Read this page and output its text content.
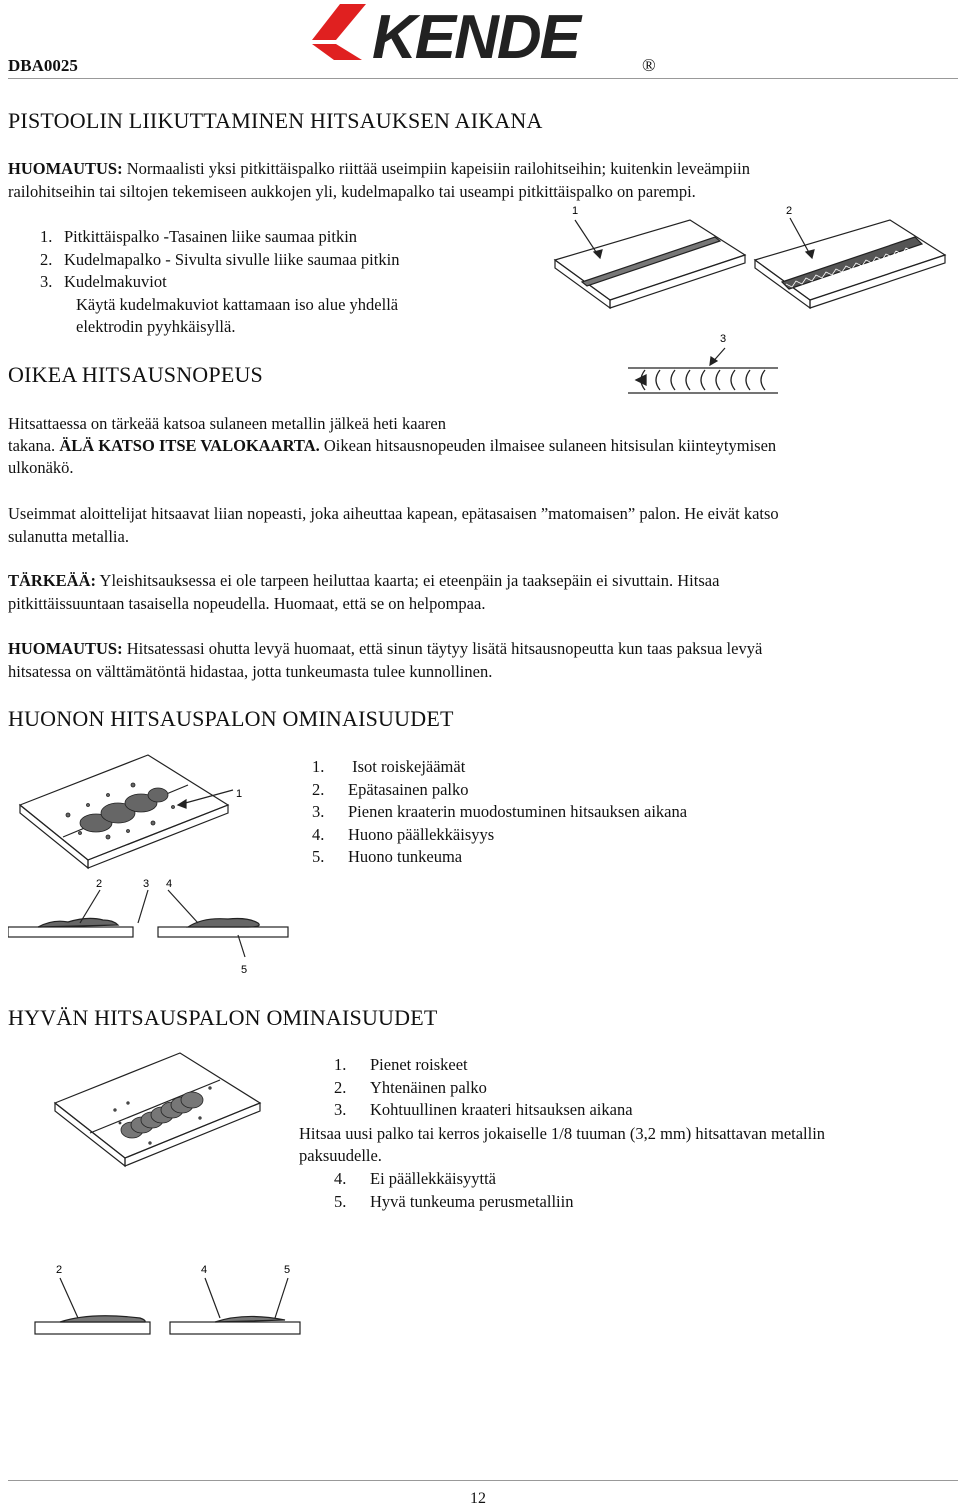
DBA0025	KENDE	®
PISTOOLIN LIIKUTTAMINEN HITSAUKSEN AIKANA
HUOMAUTUS: Normaalisti yksi pitkittäispalko riittää useimpiin kapeisiin railohitseihin; kuitenkin leveämpiin
railohitseihin tai siltojen tekemiseen aukkojen yli, kudelmapalko tai useampi pitkittäispalko on parempi.
1. Pitkittäispalko -Tasainen liike saumaa pitkin
2. Kudelmapalko - Sivulta sivulle liike saumaa pitkin
3. Kudelmakuviot
Käytä kudelmakuviot kattamaan iso alue yhdellä
elektrodin pyyhkäisyllä.
1	2
3
OIKEA HITSAUSNOPEUS
Hitsattaessa on tärkeää katsoa sulaneen metallin jälkeä heti kaaren
takana. ÄLÄ KATSO ITSE VALOKAARTA. Oikean hitsausnopeuden ilmaisee sulaneen hitsisulan kiinteytymisen
ulkonäkö.
Useimmat aloittelijat hitsaavat liian nopeasti, joka aiheuttaa kapean, epätasaisen ”matomaisen” palon. He eivät katso
sulanutta metallia.
TÄRKEÄÄ: Yleishitsauksessa ei ole tarpeen heiluttaa kaarta; ei eteenpäin ja taaksepäin ei sivuttain. Hitsaa
pitkittäissuuntaan tasaisella nopeudella. Huomaat, että se on helpompaa.
HUOMAUTUS: Hitsatessasi ohutta levyä huomaat, että sinun täytyy lisätä hitsausnopeutta kun taas paksua levyä
hitsatessa on välttämätöntä hidastaa, jotta tunkeumasta tulee kunnollinen.
HUONON HITSAUSPALON OMINAISUUDET
1. Isot roiskejäämät
2. Epätasainen palko
3. Pienen kraaterin muodostuminen hitsauksen aikana
4. Huono päällekkäisyys
5. Huono tunkeuma
1
2	3 4
5
HYVÄN HITSAUSPALON OMINAISUUDET
1. Pienet roiskeet
2. Yhtenäinen palko
3. Kohtuullinen kraateri hitsauksen aikana
Hitsaa uusi palko tai kerros jokaiselle 1/8 tuuman (3,2 mm) hitsattavan metallin
paksuudelle.
4. Ei päällekkäisyyttä
5. Hyvä tunkeuma perusmetalliin
2	4	5
12
